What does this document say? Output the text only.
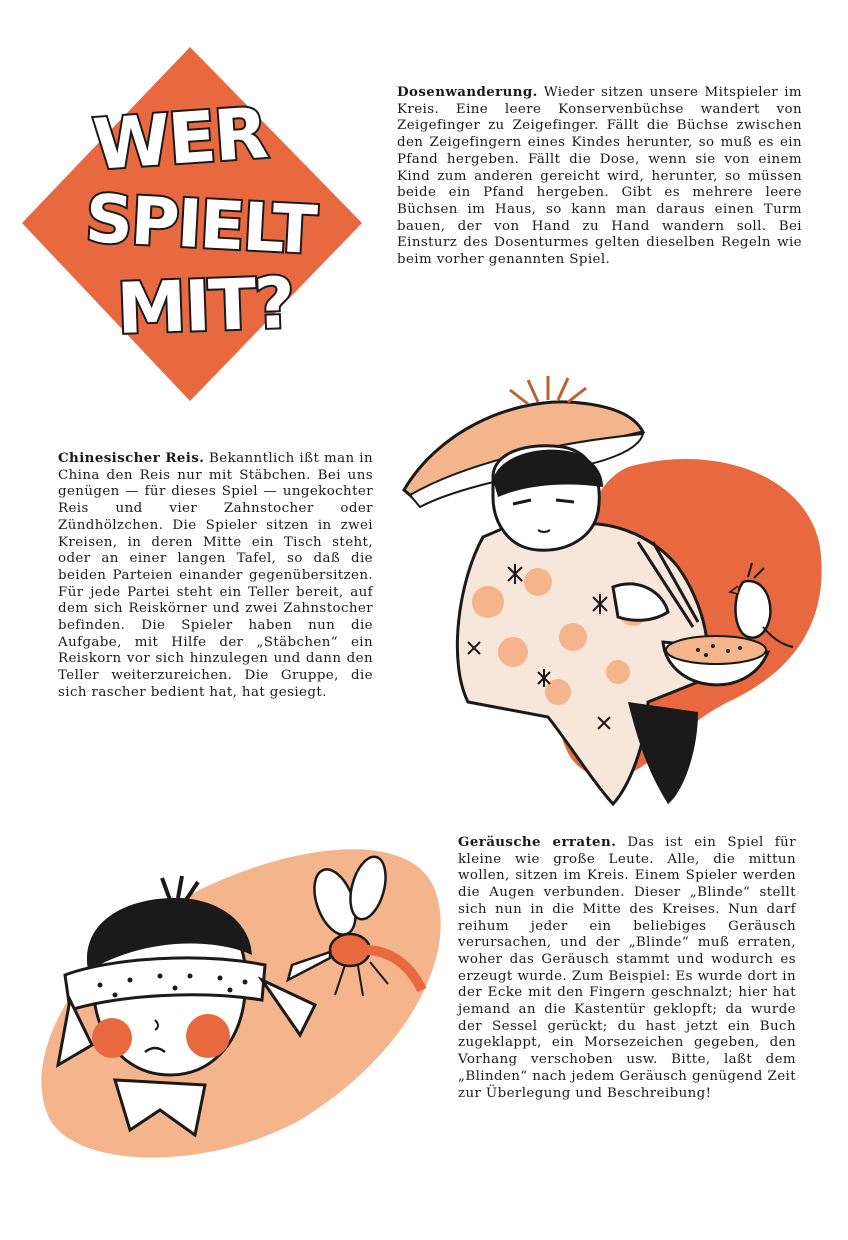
WER
SPIELT
MIT?
Dosenwanderung. Wieder sitzen unsere Mitspieler im Kreis. Eine leere Konservenbüchse wandert von Zeigefinger zu Zeigefinger. Fällt die Büchse zwischen den Zeigefingern eines Kindes herunter, so muß es ein Pfand hergeben. Fällt die Dose, wenn sie von einem Kind zum anderen gereicht wird, herunter, so müssen beide ein Pfand hergeben. Gibt es mehrere leere Büchsen im Haus, so kann man daraus einen Turm bauen, der von Hand zu Hand wandern soll. Bei Einsturz des Dosenturmes gelten dieselben Regeln wie beim vorher genannten Spiel.
Chinesischer Reis. Bekanntlich ißt man in China den Reis nur mit Stäbchen. Bei uns genügen — für dieses Spiel — ungekochter Reis und vier Zahnstocher oder Zündhölzchen. Die Spieler sitzen in zwei Kreisen, in deren Mitte ein Tisch steht, oder an einer langen Tafel, so daß die beiden Parteien einander gegenübersitzen. Für jede Partei steht ein Teller bereit, auf dem sich Reiskörner und zwei Zahnstocher befinden. Die Spieler haben nun die Aufgabe, mit Hilfe der „Stäbchen“ ein Reiskorn vor sich hinzulegen und dann den Teller weiterzureichen. Die Gruppe, die sich rascher bedient hat, hat gesiegt.
Geräusche erraten. Das ist ein Spiel für kleine wie große Leute. Alle, die mittun wollen, sitzen im Kreis. Einem Spieler werden die Augen verbunden. Dieser „Blinde“ stellt sich nun in die Mitte des Kreises. Nun darf reihum jeder ein beliebiges Geräusch verursachen, und der „Blinde“ muß erraten, woher das Geräusch stammt und wodurch es erzeugt wurde. Zum Beispiel: Es wurde dort in der Ecke mit den Fingern geschnalzt; hier hat jemand an die Kastentür geklopft; da wurde der Sessel gerückt; du hast jetzt ein Buch zugeklappt, ein Morsezeichen gegeben, den Vorhang verschoben usw. Bitte, laßt dem „Blinden“ nach jedem Geräusch genügend Zeit zur Überlegung und Beschreibung!
